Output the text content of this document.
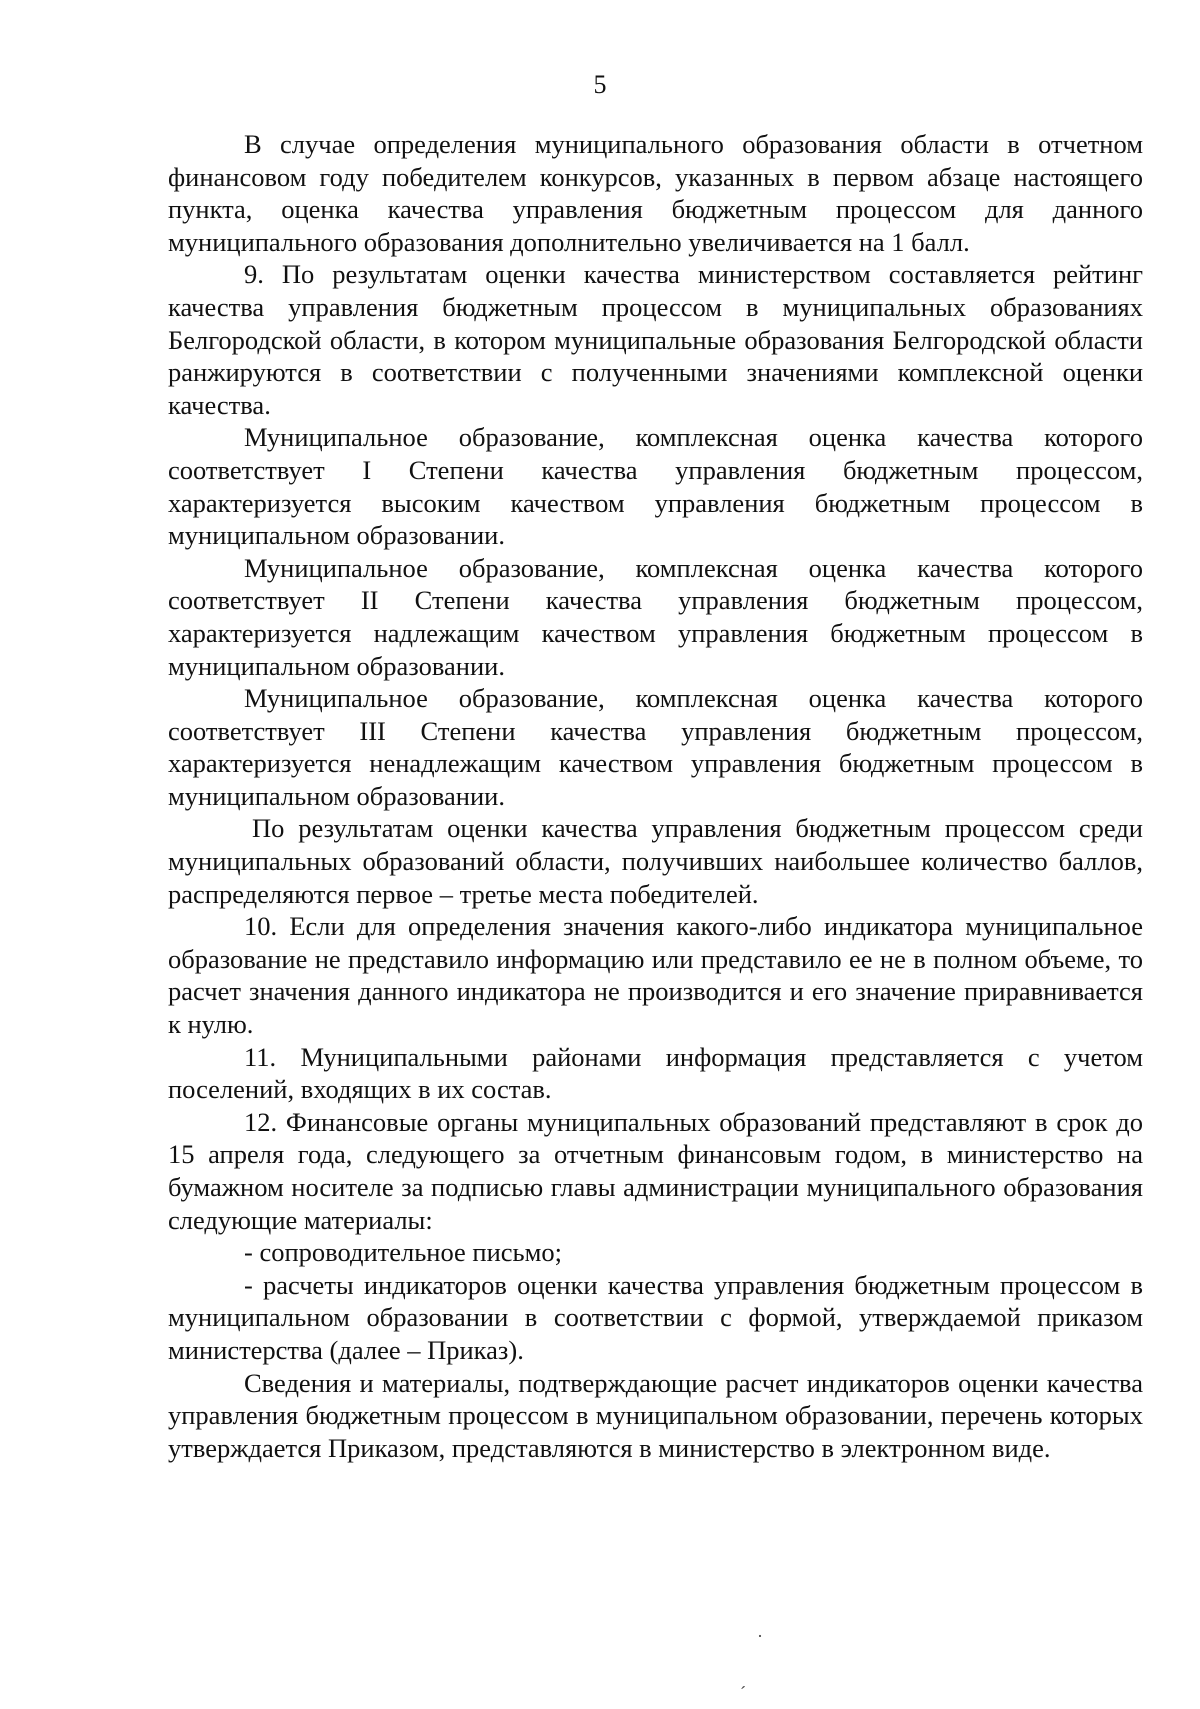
5

В случае определения муниципального образования области в отчетном финансовом году победителем конкурсов, указанных в первом абзаце настоящего пункта, оценка качества управления бюджетным процессом для данного муниципального образования дополнительно увеличивается на 1 балл.

9. По результатам оценки качества министерством составляется рейтинг качества управления бюджетным процессом в муниципальных образованиях Белгородской области, в котором муниципальные образования Белгородской области ранжируются в соответствии с полученными значениями комплексной оценки качества.

Муниципальное образование, комплексная оценка качества которого соответствует I Степени качества управления бюджетным процессом, характеризуется высоким качеством управления бюджетным процессом в муниципальном образовании.

Муниципальное образование, комплексная оценка качества которого соответствует II Степени качества управления бюджетным процессом, характеризуется надлежащим качеством управления бюджетным процессом в муниципальном образовании.

Муниципальное образование, комплексная оценка качества которого соответствует III Степени качества управления бюджетным процессом, характеризуется ненадлежащим качеством управления бюджетным процессом в муниципальном образовании.

По результатам оценки качества управления бюджетным процессом среди муниципальных образований области, получивших наибольшее количество баллов, распределяются первое – третье места победителей.

10. Если для определения значения какого-либо индикатора муниципальное образование не представило информацию или представило ее не в полном объеме, то расчет значения данного индикатора не производится и его значение приравнивается к нулю.

11. Муниципальными районами информация представляется с учетом поселений, входящих в их состав.

12. Финансовые органы муниципальных образований представляют в срок до 15 апреля года, следующего за отчетным финансовым годом, в министерство на бумажном носителе за подписью главы администрации муниципального образования следующие материалы:

- сопроводительное письмо;

- расчеты индикаторов оценки качества управления бюджетным процессом в муниципальном образовании в соответствии с формой, утверждаемой приказом министерства (далее – Приказ).

Сведения и материалы, подтверждающие расчет индикаторов оценки качества управления бюджетным процессом в муниципальном образовании, перечень которых утверждается Приказом, представляются в министерство в электронном виде.

·
ˊ
